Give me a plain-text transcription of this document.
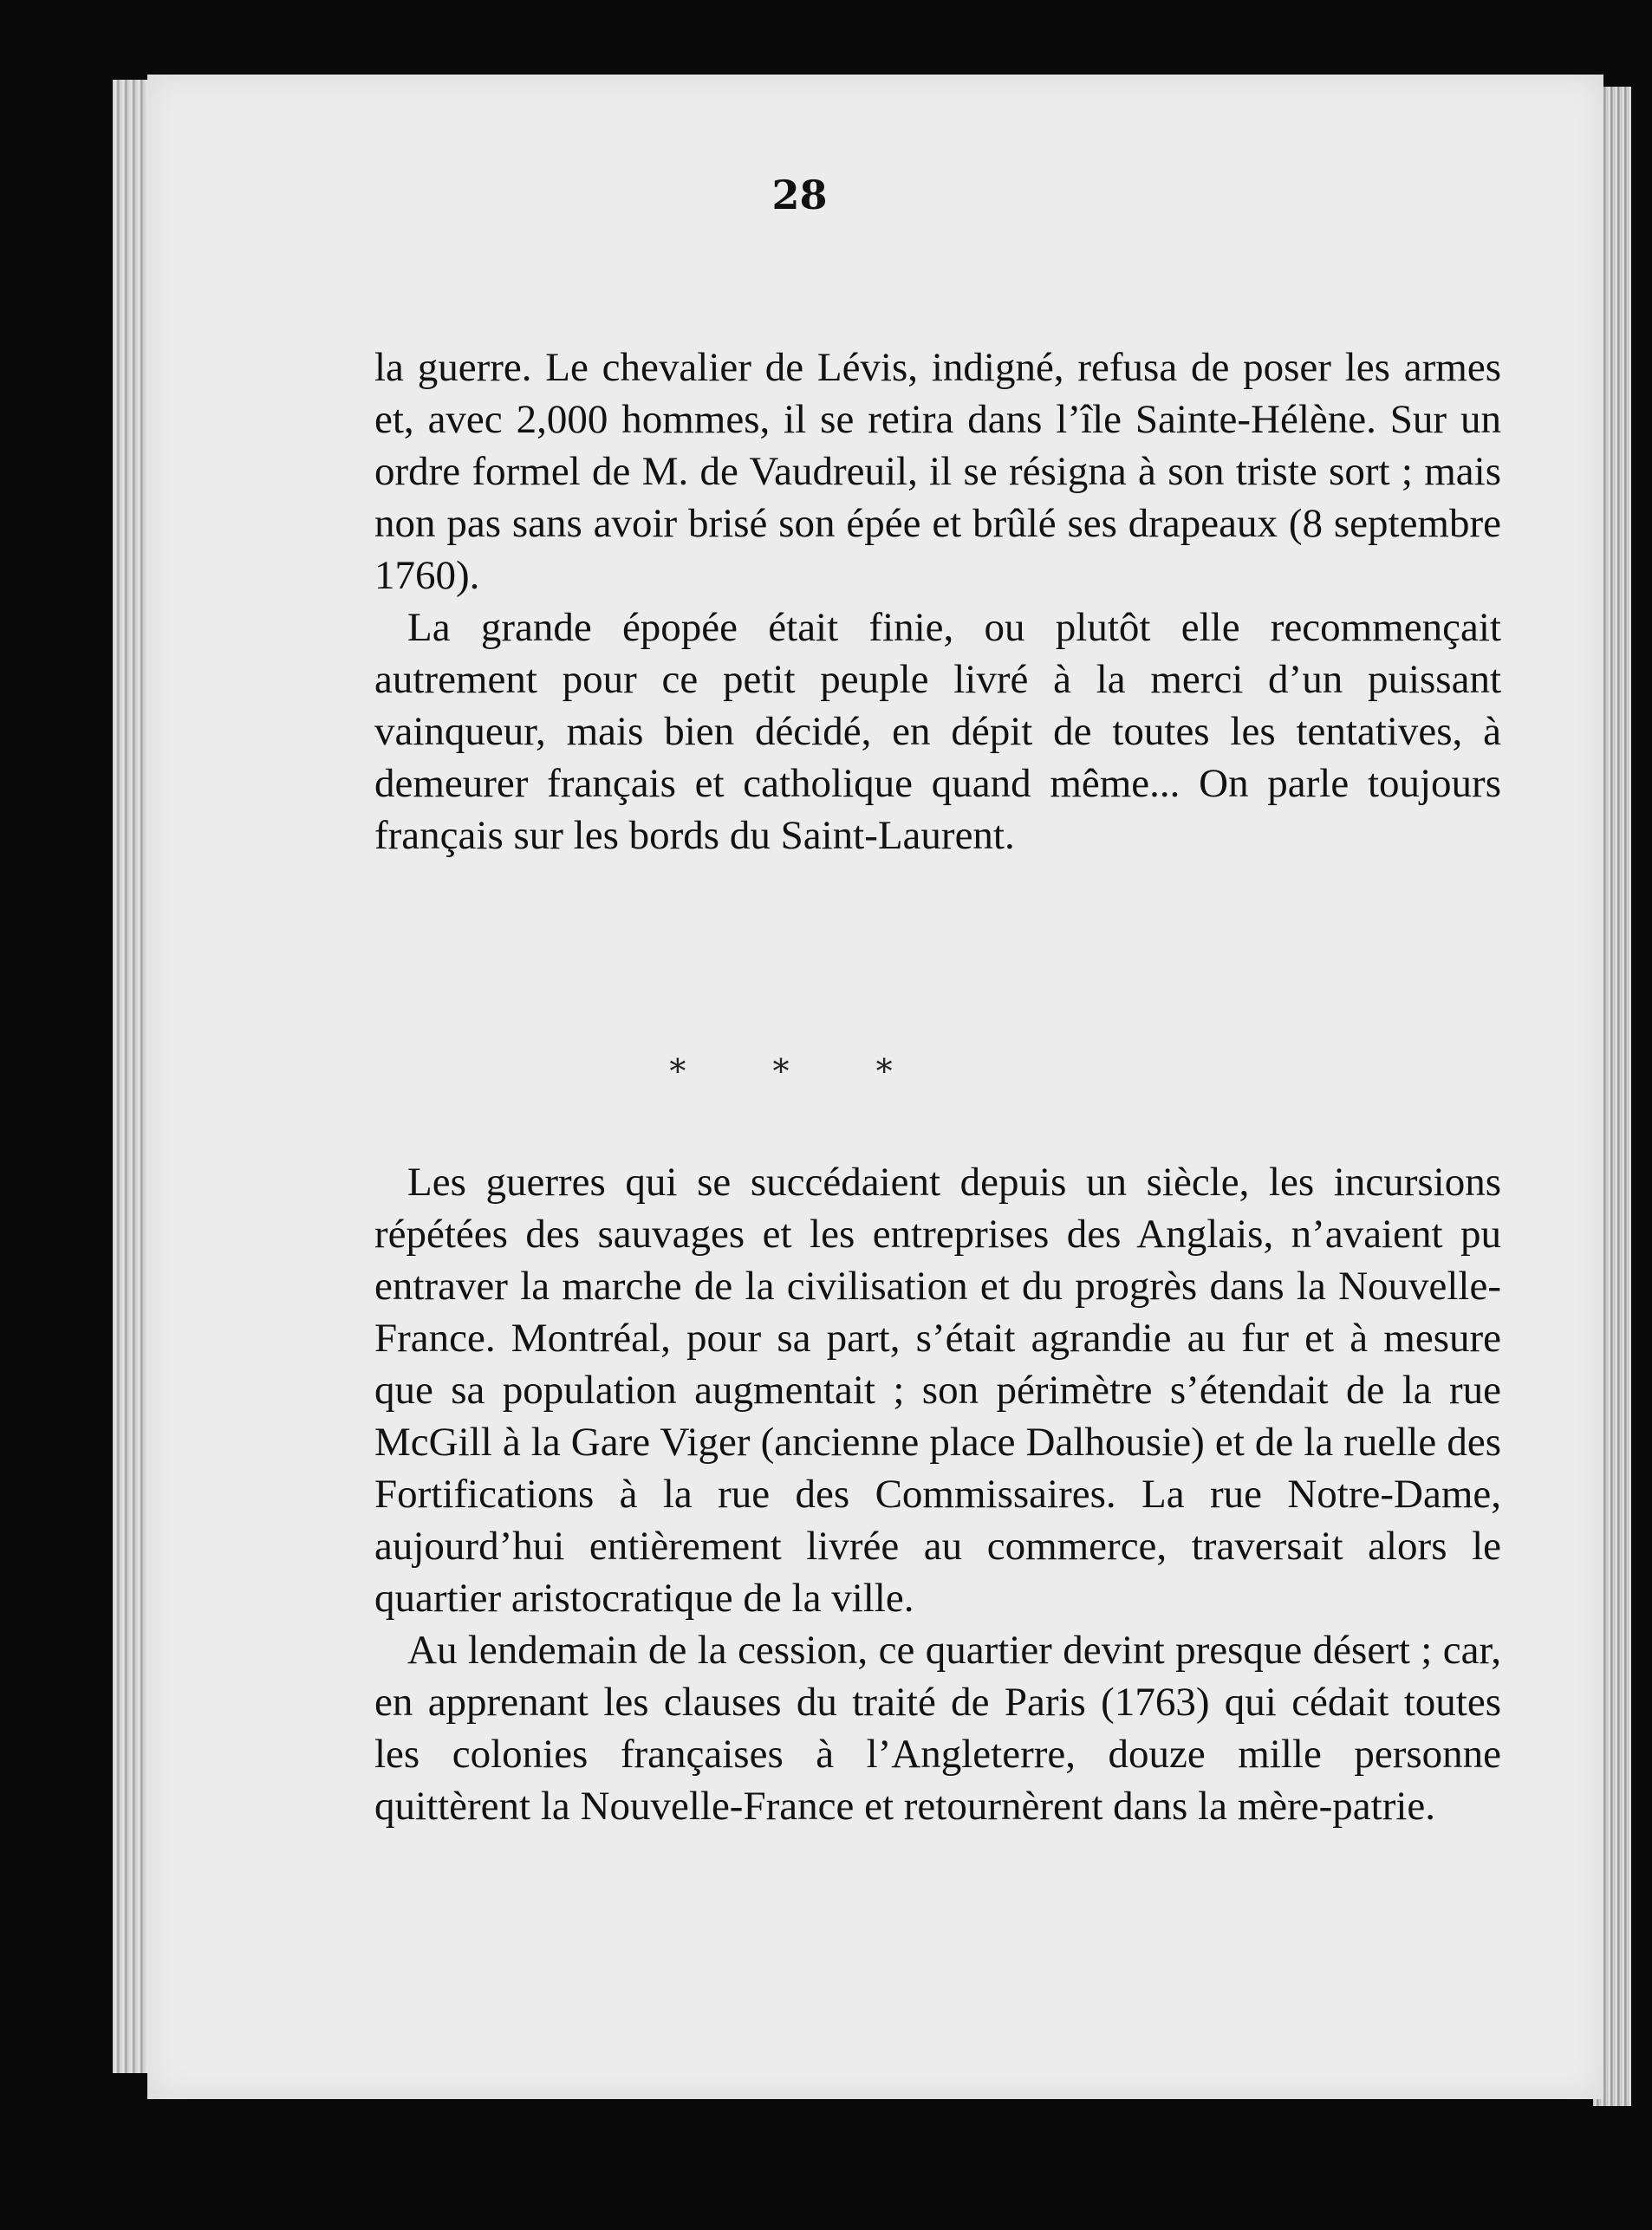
28

la guerre. Le chevalier de Lévis, indigné, refusa de poser les armes et, avec 2,000 hommes, il se retira dans l’île Sainte-Hélène. Sur un ordre formel de M. de Vaudreuil, il se résigna à son triste sort ; mais non pas sans avoir brisé son épée et brûlé ses drapeaux (8 septembre 1760).

La grande épopée était finie, ou plutôt elle recommençait autrement pour ce petit peuple livré à la merci d’un puissant vainqueur, mais bien décidé, en dépit de toutes les tentatives, à demeurer français et catholique quand même... On parle toujours français sur les bords du Saint-Laurent.

* * *

Les guerres qui se succédaient depuis un siècle, les incursions répétées des sauvages et les entreprises des Anglais, n’avaient pu entraver la marche de la civilisation et du progrès dans la Nouvelle-France. Montréal, pour sa part, s’était agrandie au fur et à mesure que sa population augmentait ; son périmètre s’étendait de la rue McGill à la Gare Viger (ancienne place Dalhousie) et de la ruelle des Fortifications à la rue des Commissaires. La rue Notre-Dame, aujourd’hui entièrement livrée au commerce, traversait alors le quartier aristocratique de la ville.

Au lendemain de la cession, ce quartier devint presque désert ; car, en apprenant les clauses du traité de Paris (1763) qui cédait toutes les colonies françaises à l’Angleterre, douze mille personne quittèrent la Nouvelle-France et retournèrent dans la mère-patrie.
